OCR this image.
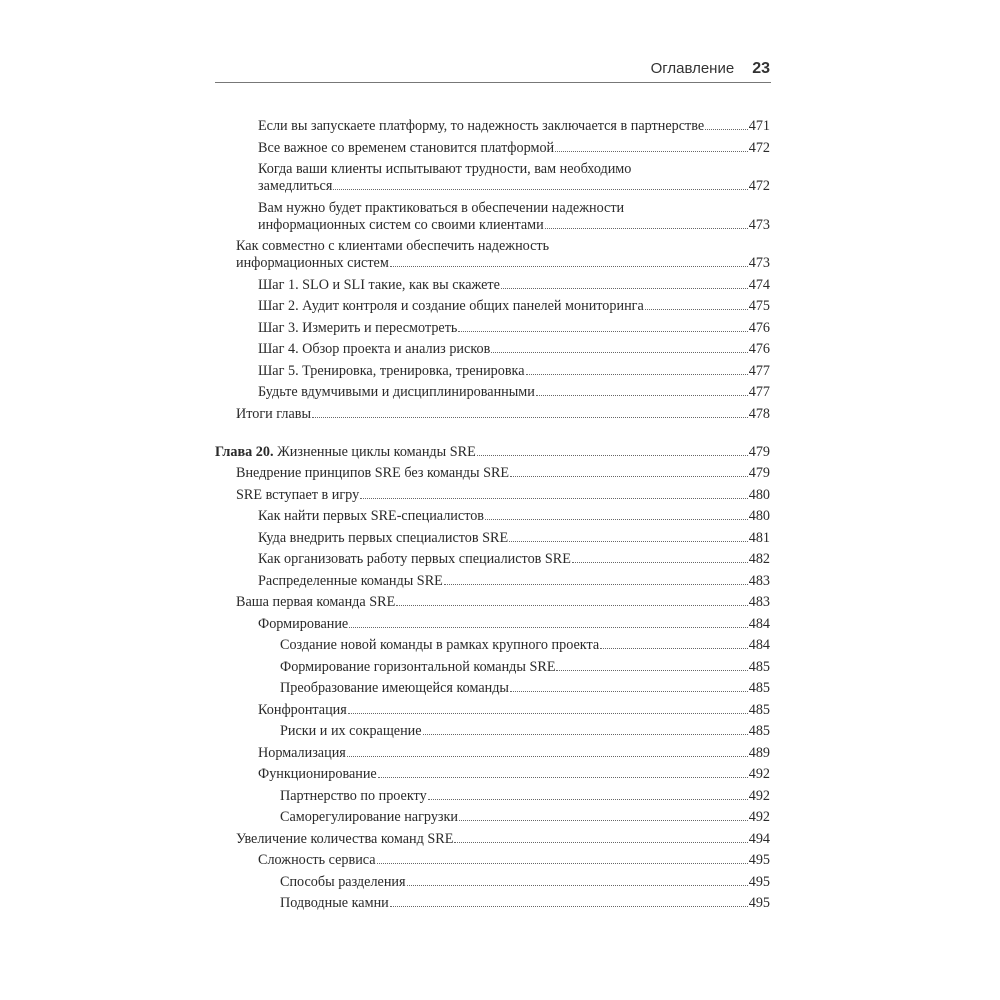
Оглавление 23
Если вы запускаете платформу, то надежность заключается в партнерстве	471
Все важное со временем становится платформой	472
Когда ваши клиенты испытывают трудности, вам необходимо
замедлиться	472
Вам нужно будет практиковаться в обеспечении надежности
информационных систем со своими клиентами	473
Как совместно с клиентами обеспечить надежность
информационных систем	473
Шаг 1. SLO и SLI такие, как вы скажете	474
Шаг 2. Аудит контроля и создание общих панелей мониторинга	475
Шаг 3. Измерить и пересмотреть	476
Шаг 4. Обзор проекта и анализ рисков	476
Шаг 5. Тренировка, тренировка, тренировка	477
Будьте вдумчивыми и дисциплинированными	477
Итоги главы	478
Глава 20. Жизненные циклы команды SRE	479
Внедрение принципов SRE без команды SRE	479
SRE вступает в игру	480
Как найти первых SRE-специалистов	480
Куда внедрить первых специалистов SRE	481
Как организовать работу первых специалистов SRE	482
Распределенные команды SRE	483
Ваша первая команда SRE	483
Формирование	484
Создание новой команды в рамках крупного проекта	484
Формирование горизонтальной команды SRE	485
Преобразование имеющейся команды	485
Конфронтация	485
Риски и их сокращение	485
Нормализация	489
Функционирование	492
Партнерство по проекту	492
Саморегулирование нагрузки	492
Увеличение количества команд SRE	494
Сложность сервиса	495
Способы разделения	495
Подводные камни	495
